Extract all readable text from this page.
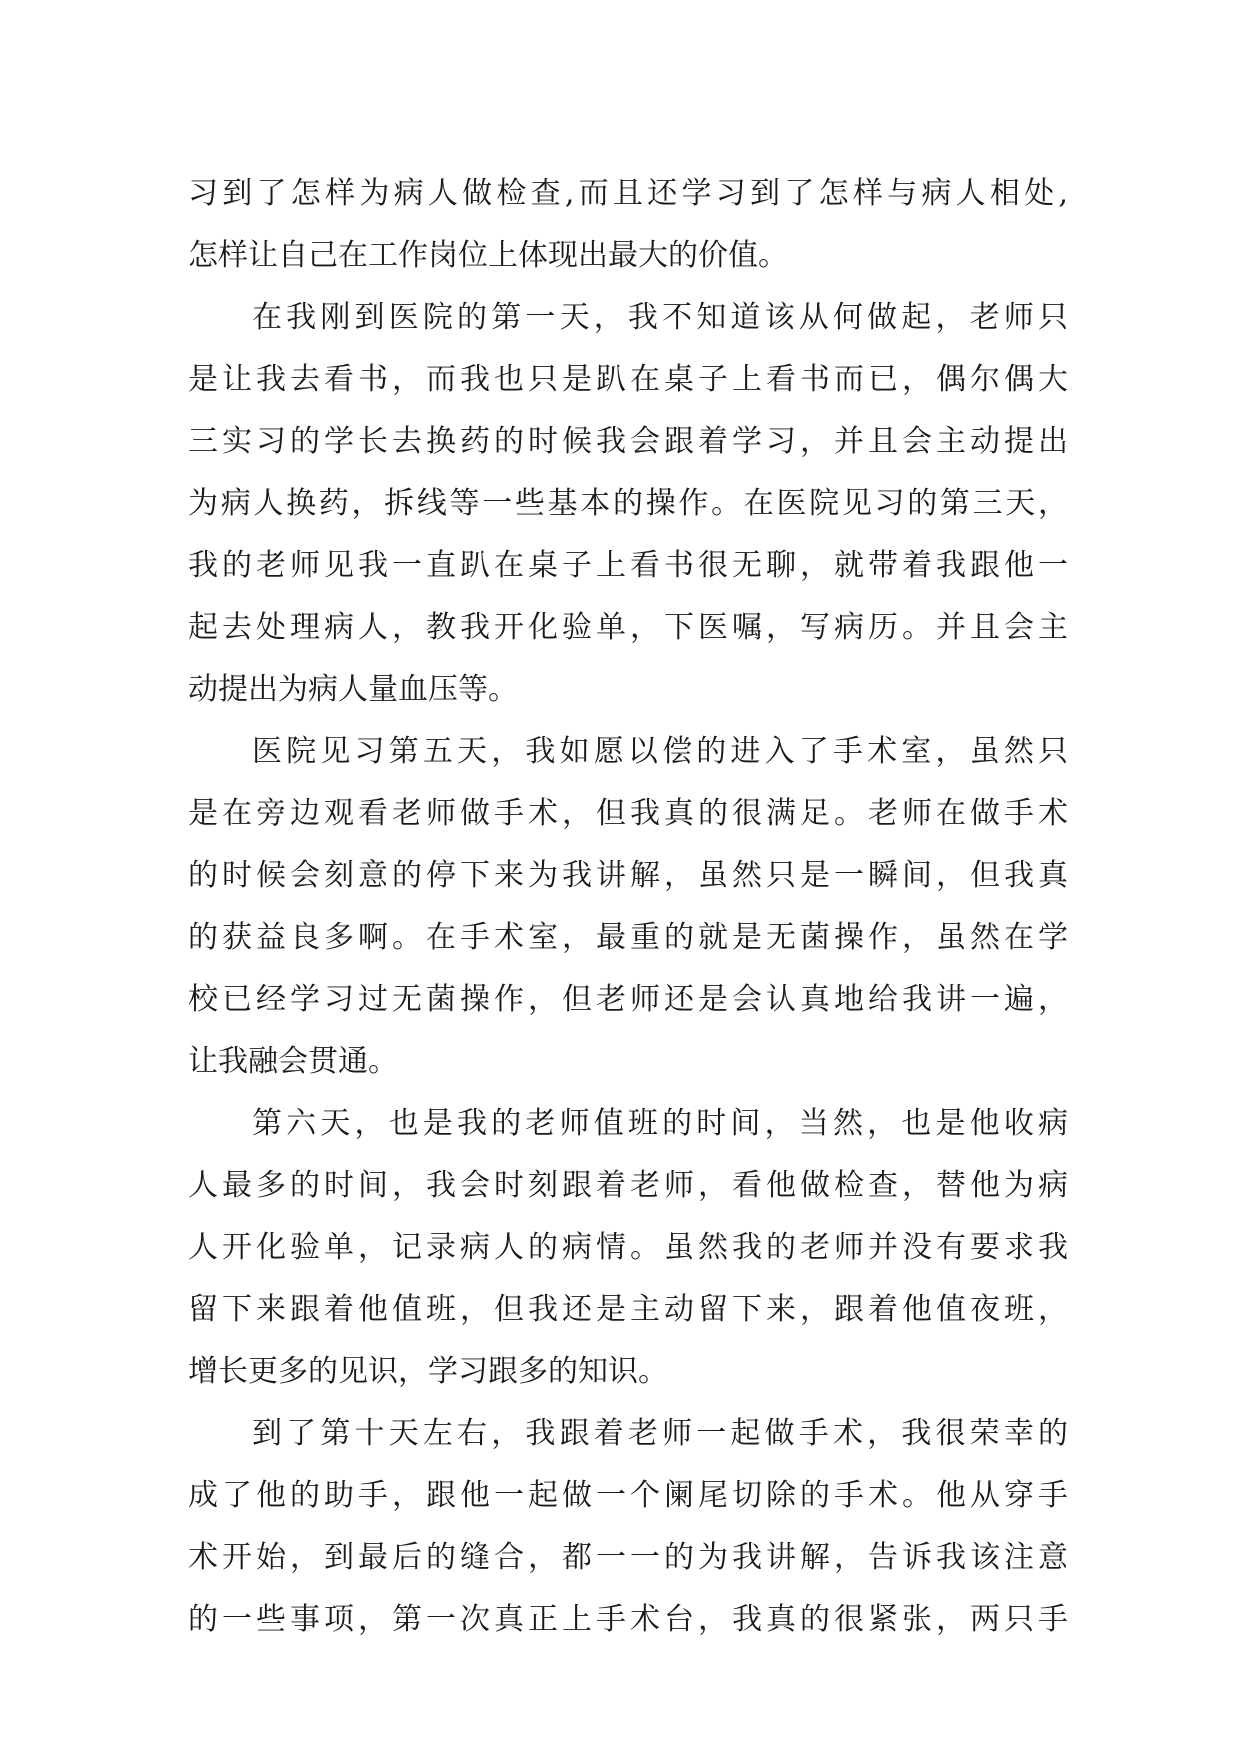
习到了怎样为病人做检查,而且还学习到了怎样与病人相处,
怎样让自己在工作岗位上体现出最大的价值。
在我刚到医院的第一天，我不知道该从何做起，老师只
是让我去看书，而我也只是趴在桌子上看书而已，偶尔偶大
三实习的学长去换药的时候我会跟着学习，并且会主动提出
为病人换药，拆线等一些基本的操作。在医院见习的第三天，
我的老师见我一直趴在桌子上看书很无聊，就带着我跟他一
起去处理病人，教我开化验单，下医嘱，写病历。并且会主
动提出为病人量血压等。
医院见习第五天，我如愿以偿的进入了手术室，虽然只
是在旁边观看老师做手术，但我真的很满足。老师在做手术
的时候会刻意的停下来为我讲解，虽然只是一瞬间，但我真
的获益良多啊。在手术室，最重的就是无菌操作，虽然在学
校已经学习过无菌操作，但老师还是会认真地给我讲一遍，
让我融会贯通。
第六天，也是我的老师值班的时间，当然，也是他收病
人最多的时间，我会时刻跟着老师，看他做检查，替他为病
人开化验单，记录病人的病情。虽然我的老师并没有要求我
留下来跟着他值班，但我还是主动留下来，跟着他值夜班，
增长更多的见识，学习跟多的知识。
到了第十天左右，我跟着老师一起做手术，我很荣幸的
成了他的助手，跟他一起做一个阑尾切除的手术。他从穿手
术开始，到最后的缝合，都一一的为我讲解，告诉我该注意
的一些事项，第一次真正上手术台，我真的很紧张，两只手
